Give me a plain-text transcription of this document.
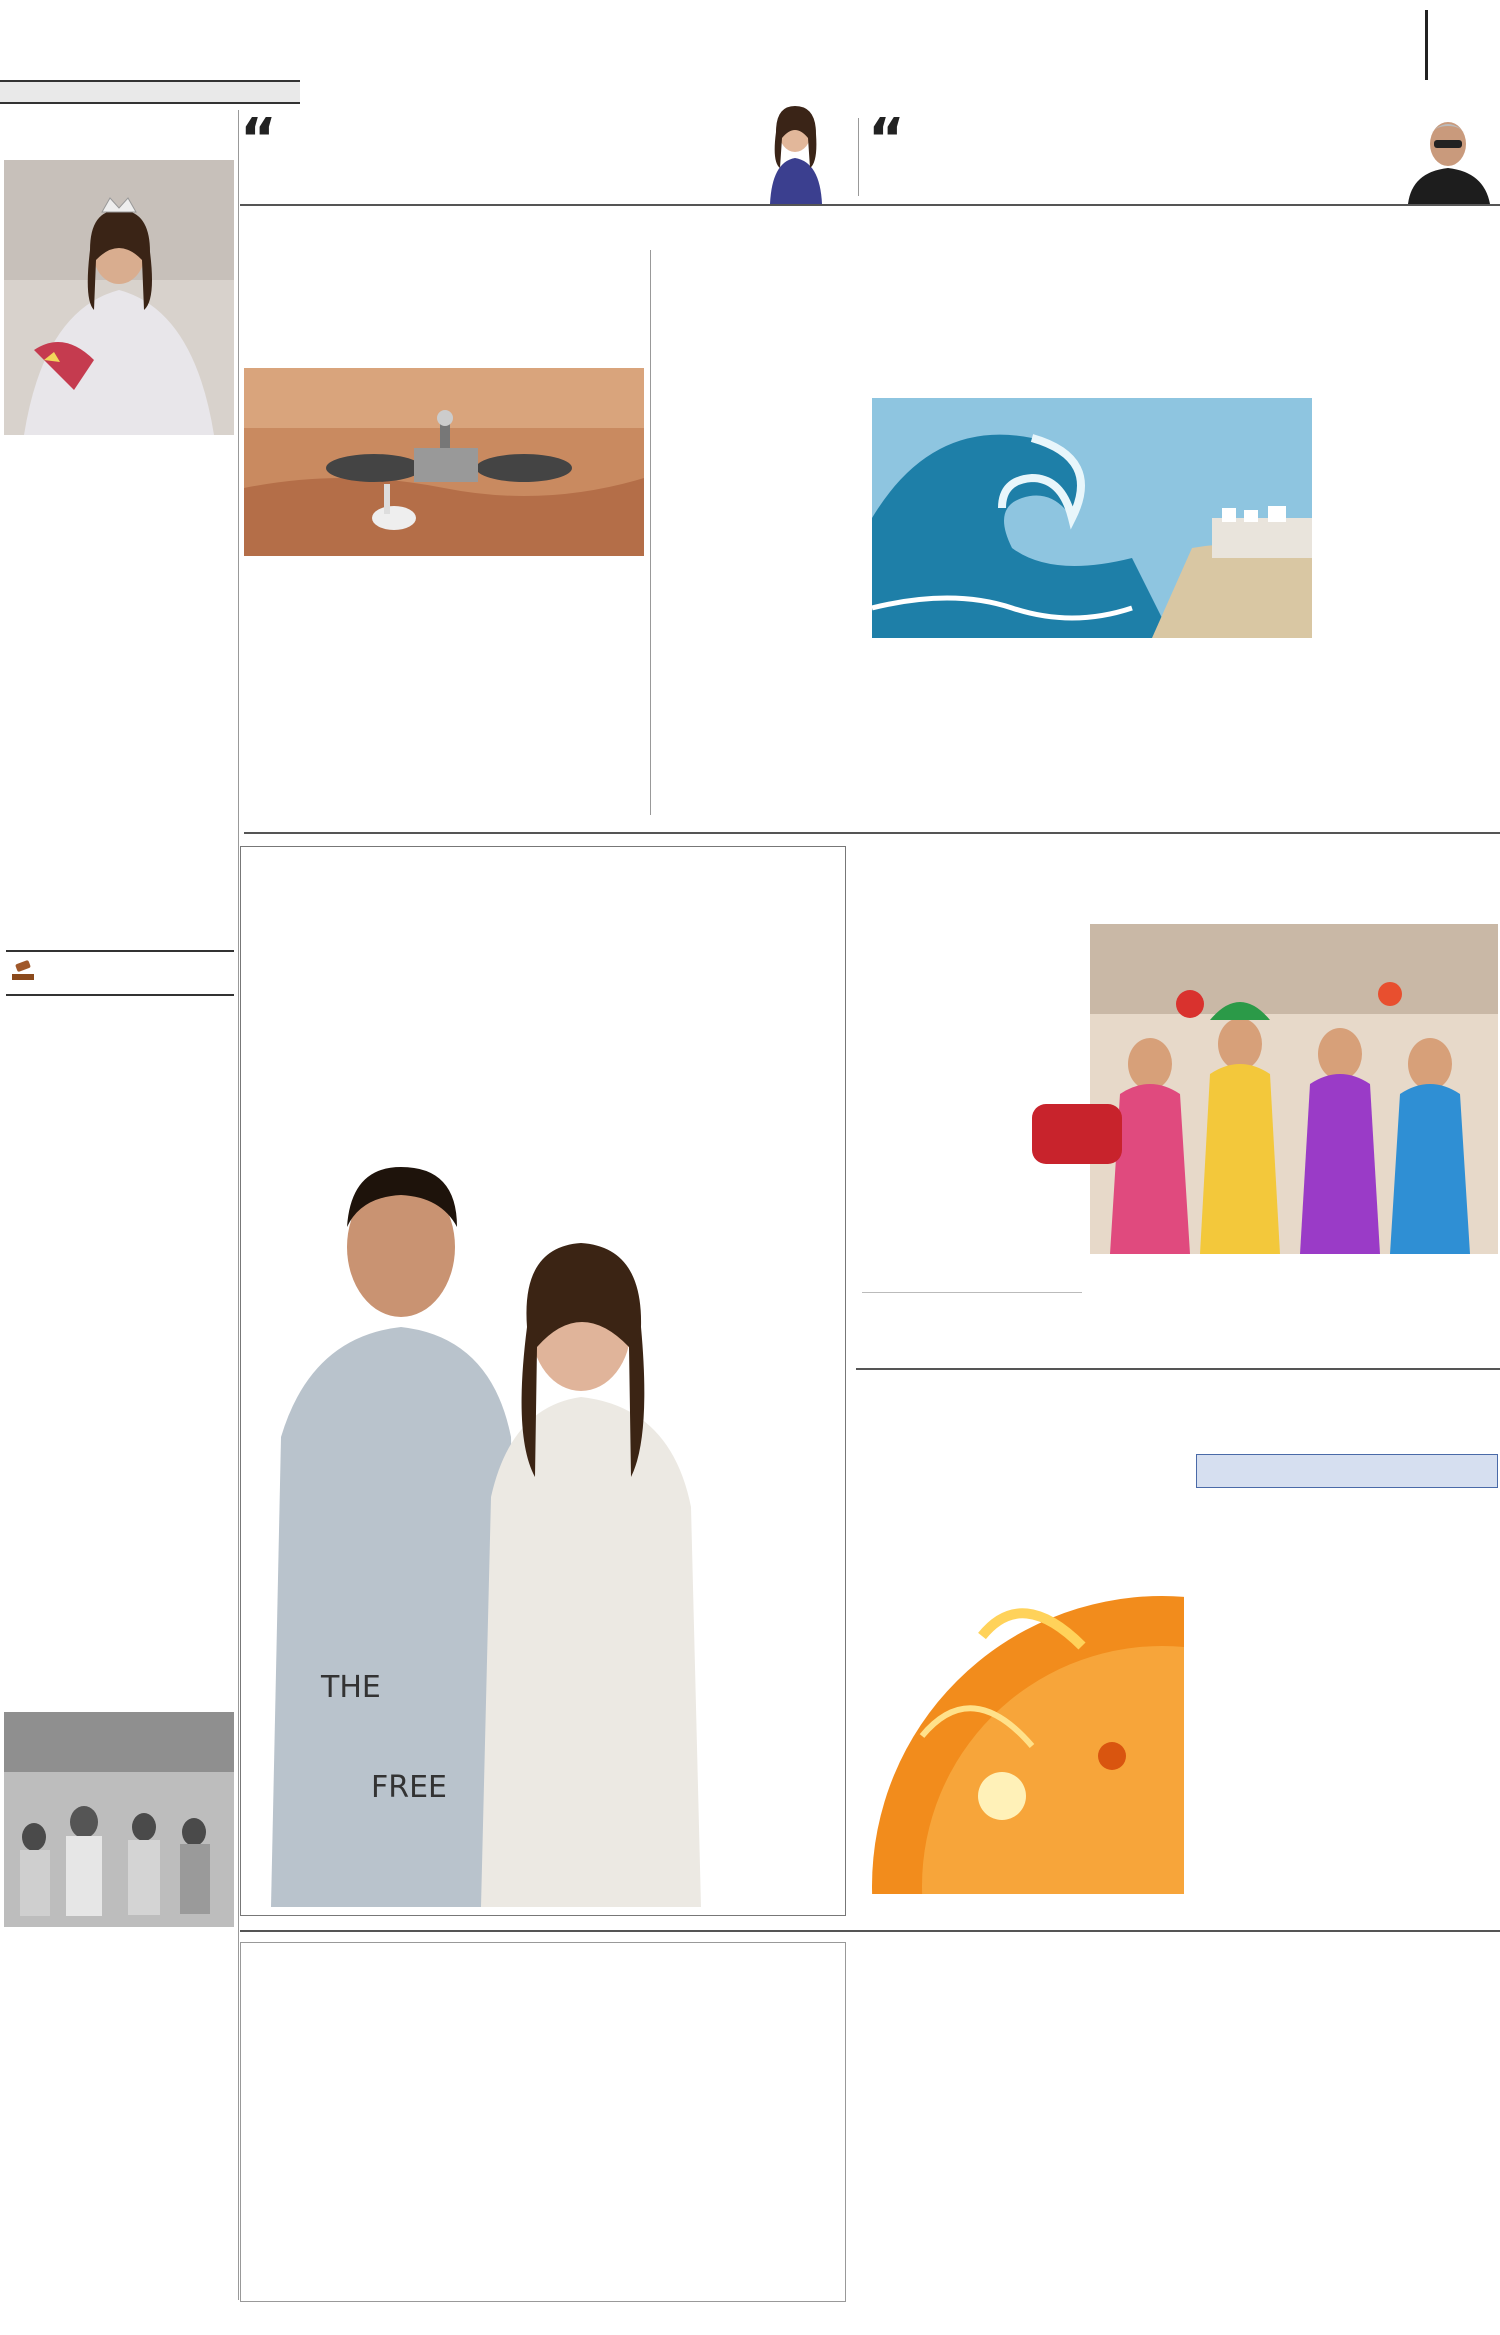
“	“
THE
FREE
